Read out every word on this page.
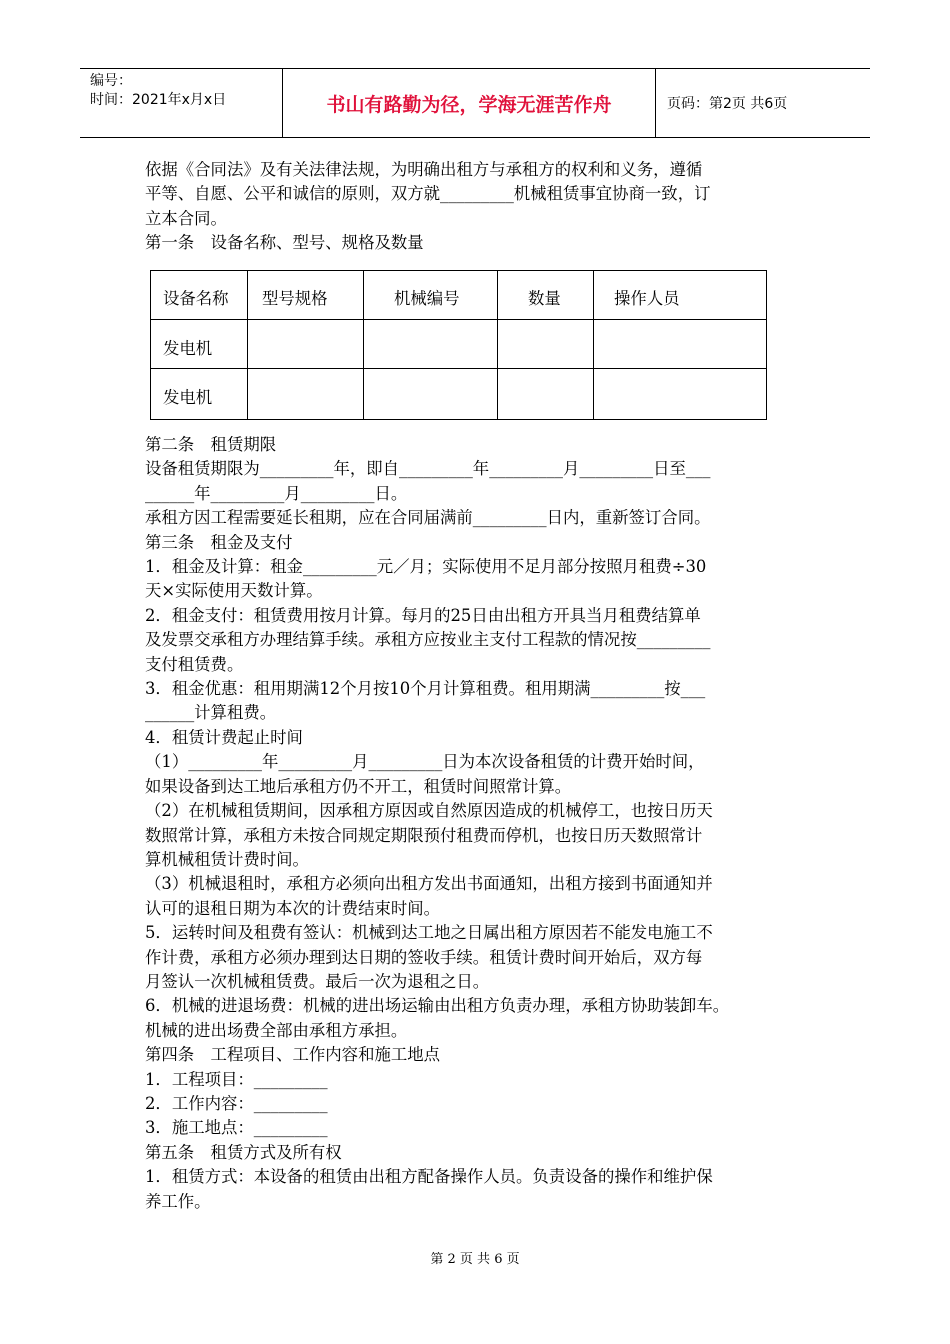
编号：
时间：2021年x月x日	书山有路勤为径，学海无涯苦作舟	页码：第2页 共6页

依据《合同法》及有关法律法规，为明确出租方与承租方的权利和义务，遵循

平等、自愿、公平和诚信的原则，双方就_________机械租赁事宜协商一致，订

立本合同。

第一条　设备名称、型号、规格及数量

设备名称 型号规格	机械编号	数量	操作人员
发电机
发电机

第二条　租赁期限

设备租赁期限为_________年，即自_________年_________月_________日至___

______年_________月_________日。

承租方因工程需要延长租期，应在合同届满前_________日内，重新签订合同。

第三条　租金及支付

1．租金及计算：租金_________元／月；实际使用不足月部分按照月租费÷30

天×实际使用天数计算。

2．租金支付：租赁费用按月计算。每月的25日由出租方开具当月租费结算单

及发票交承租方办理结算手续。承租方应按业主支付工程款的情况按_________

支付租赁费。

3．租金优惠：租用期满12个月按10个月计算租费。租用期满_________按___

______计算租费。

4．租赁计费起止时间

（1）_________年_________月_________日为本次设备租赁的计费开始时间，

如果设备到达工地后承租方仍不开工，租赁时间照常计算。

（2）在机械租赁期间，因承租方原因或自然原因造成的机械停工，也按日历天

数照常计算，承租方未按合同规定期限预付租费而停机，也按日历天数照常计

算机械租赁计费时间。

（3）机械退租时，承租方必须向出租方发出书面通知，出租方接到书面通知并

认可的退租日期为本次的计费结束时间。

5．运转时间及租费有签认：机械到达工地之日属出租方原因若不能发电施工不

作计费，承租方必须办理到达日期的签收手续。租赁计费时间开始后，双方每

月签认一次机械租赁费。最后一次为退租之日。

6．机械的进退场费：机械的进出场运输由出租方负责办理，承租方协助装卸车。

机械的进出场费全部由承租方承担。

第四条　工程项目、工作内容和施工地点

1．工程项目：_________

2．工作内容：_________

3．施工地点：_________

第五条　租赁方式及所有权

1．租赁方式：本设备的租赁由出租方配备操作人员。负责设备的操作和维护保

养工作。

第 2 页 共 6 页
